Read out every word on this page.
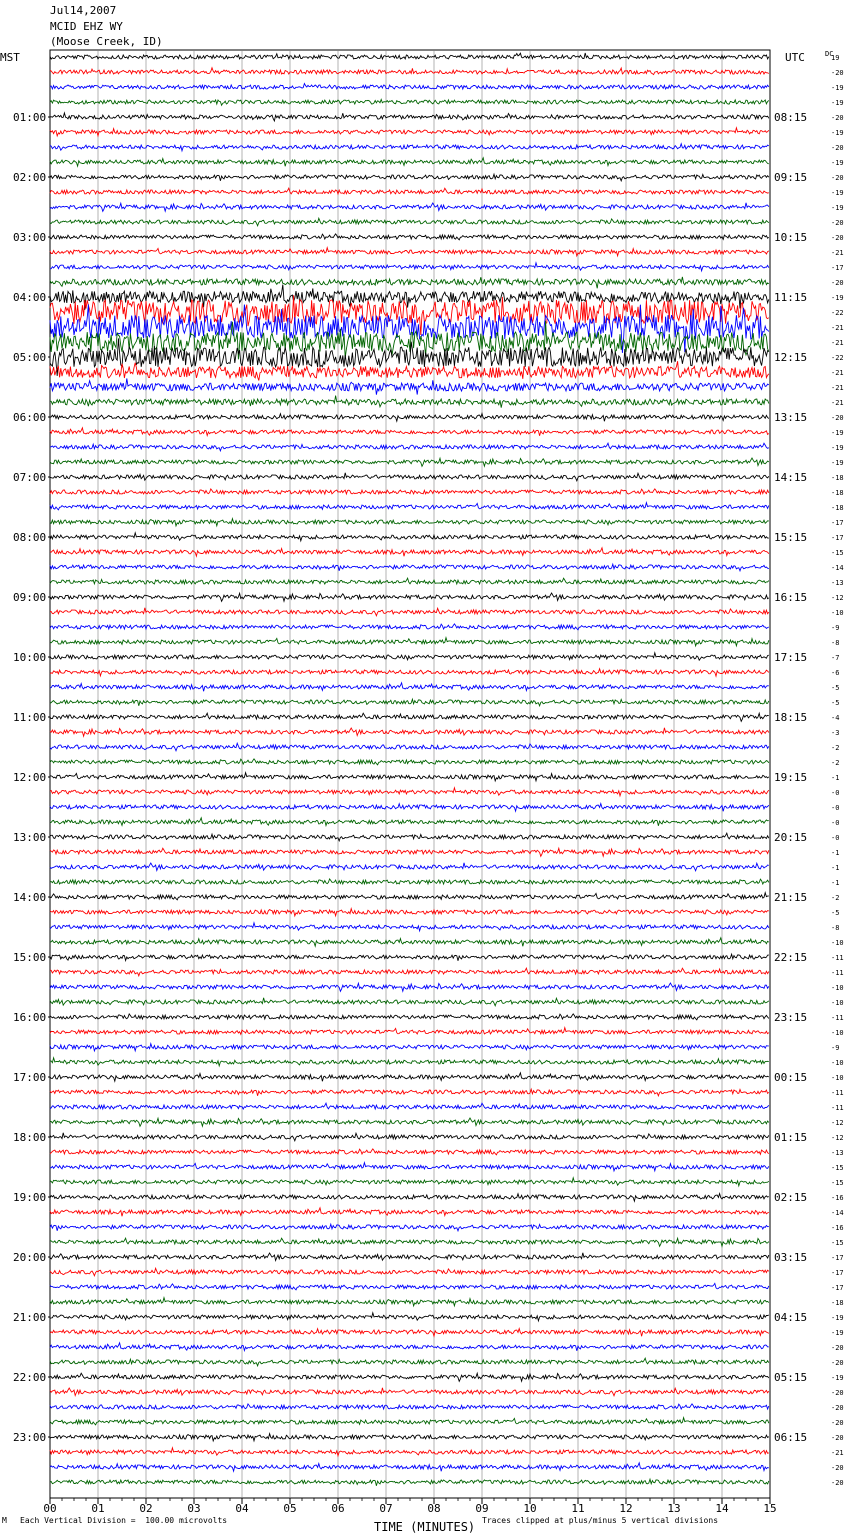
Jul14,2007
MCID EHZ WY
(Moose Creek, ID)
00	01	02	03	04	05	06	07	08	09	10	11	12	13	14	15
19
-20
-19
-19
-20
-19
-20
-19
-20
-19
-19
-20
-20
-21
-17
-20
-19
-22
-21
-21
-22
-21
-21
-21
-20
-19
-19
-19
-18
-18
-18
-17
-17
-15
-14
-13
-12
-10
-9
-8
-7
-6
-5
-5
-4
-3
-2
-2
-1
-0
-0
-0
-0
-1
-1
-1
-2
-5
-8
-10
-11
-11
-10
-10
-11
-10
-9
-10
-10
-11
-11
-12
-12
-13
-15
-15
-16
-14
-16
-15
-17
-17
-17
-18
-19
-19
-20
-20
-19
-20
-20
-20
-20
-21
-20
-20
01:00
02:00
03:00
04:00
05:00
06:00
07:00
08:00
09:00
10:00
11:00
12:00
13:00
14:00
15:00
16:00
17:00
18:00
19:00
20:00
21:00
22:00
23:00
08:15
09:15
10:15
11:15
12:15
13:15
14:15
15:15
16:15
17:15
18:15
19:15
20:15
21:15
22:15
23:15
00:15
01:15
02:15
03:15
04:15
05:15
06:15
MST	UTC	DC
TIME (MINUTES)
M Each Vertical Division =  100.00 microvolts	Traces clipped at plus/minus 5 vertical divisions
